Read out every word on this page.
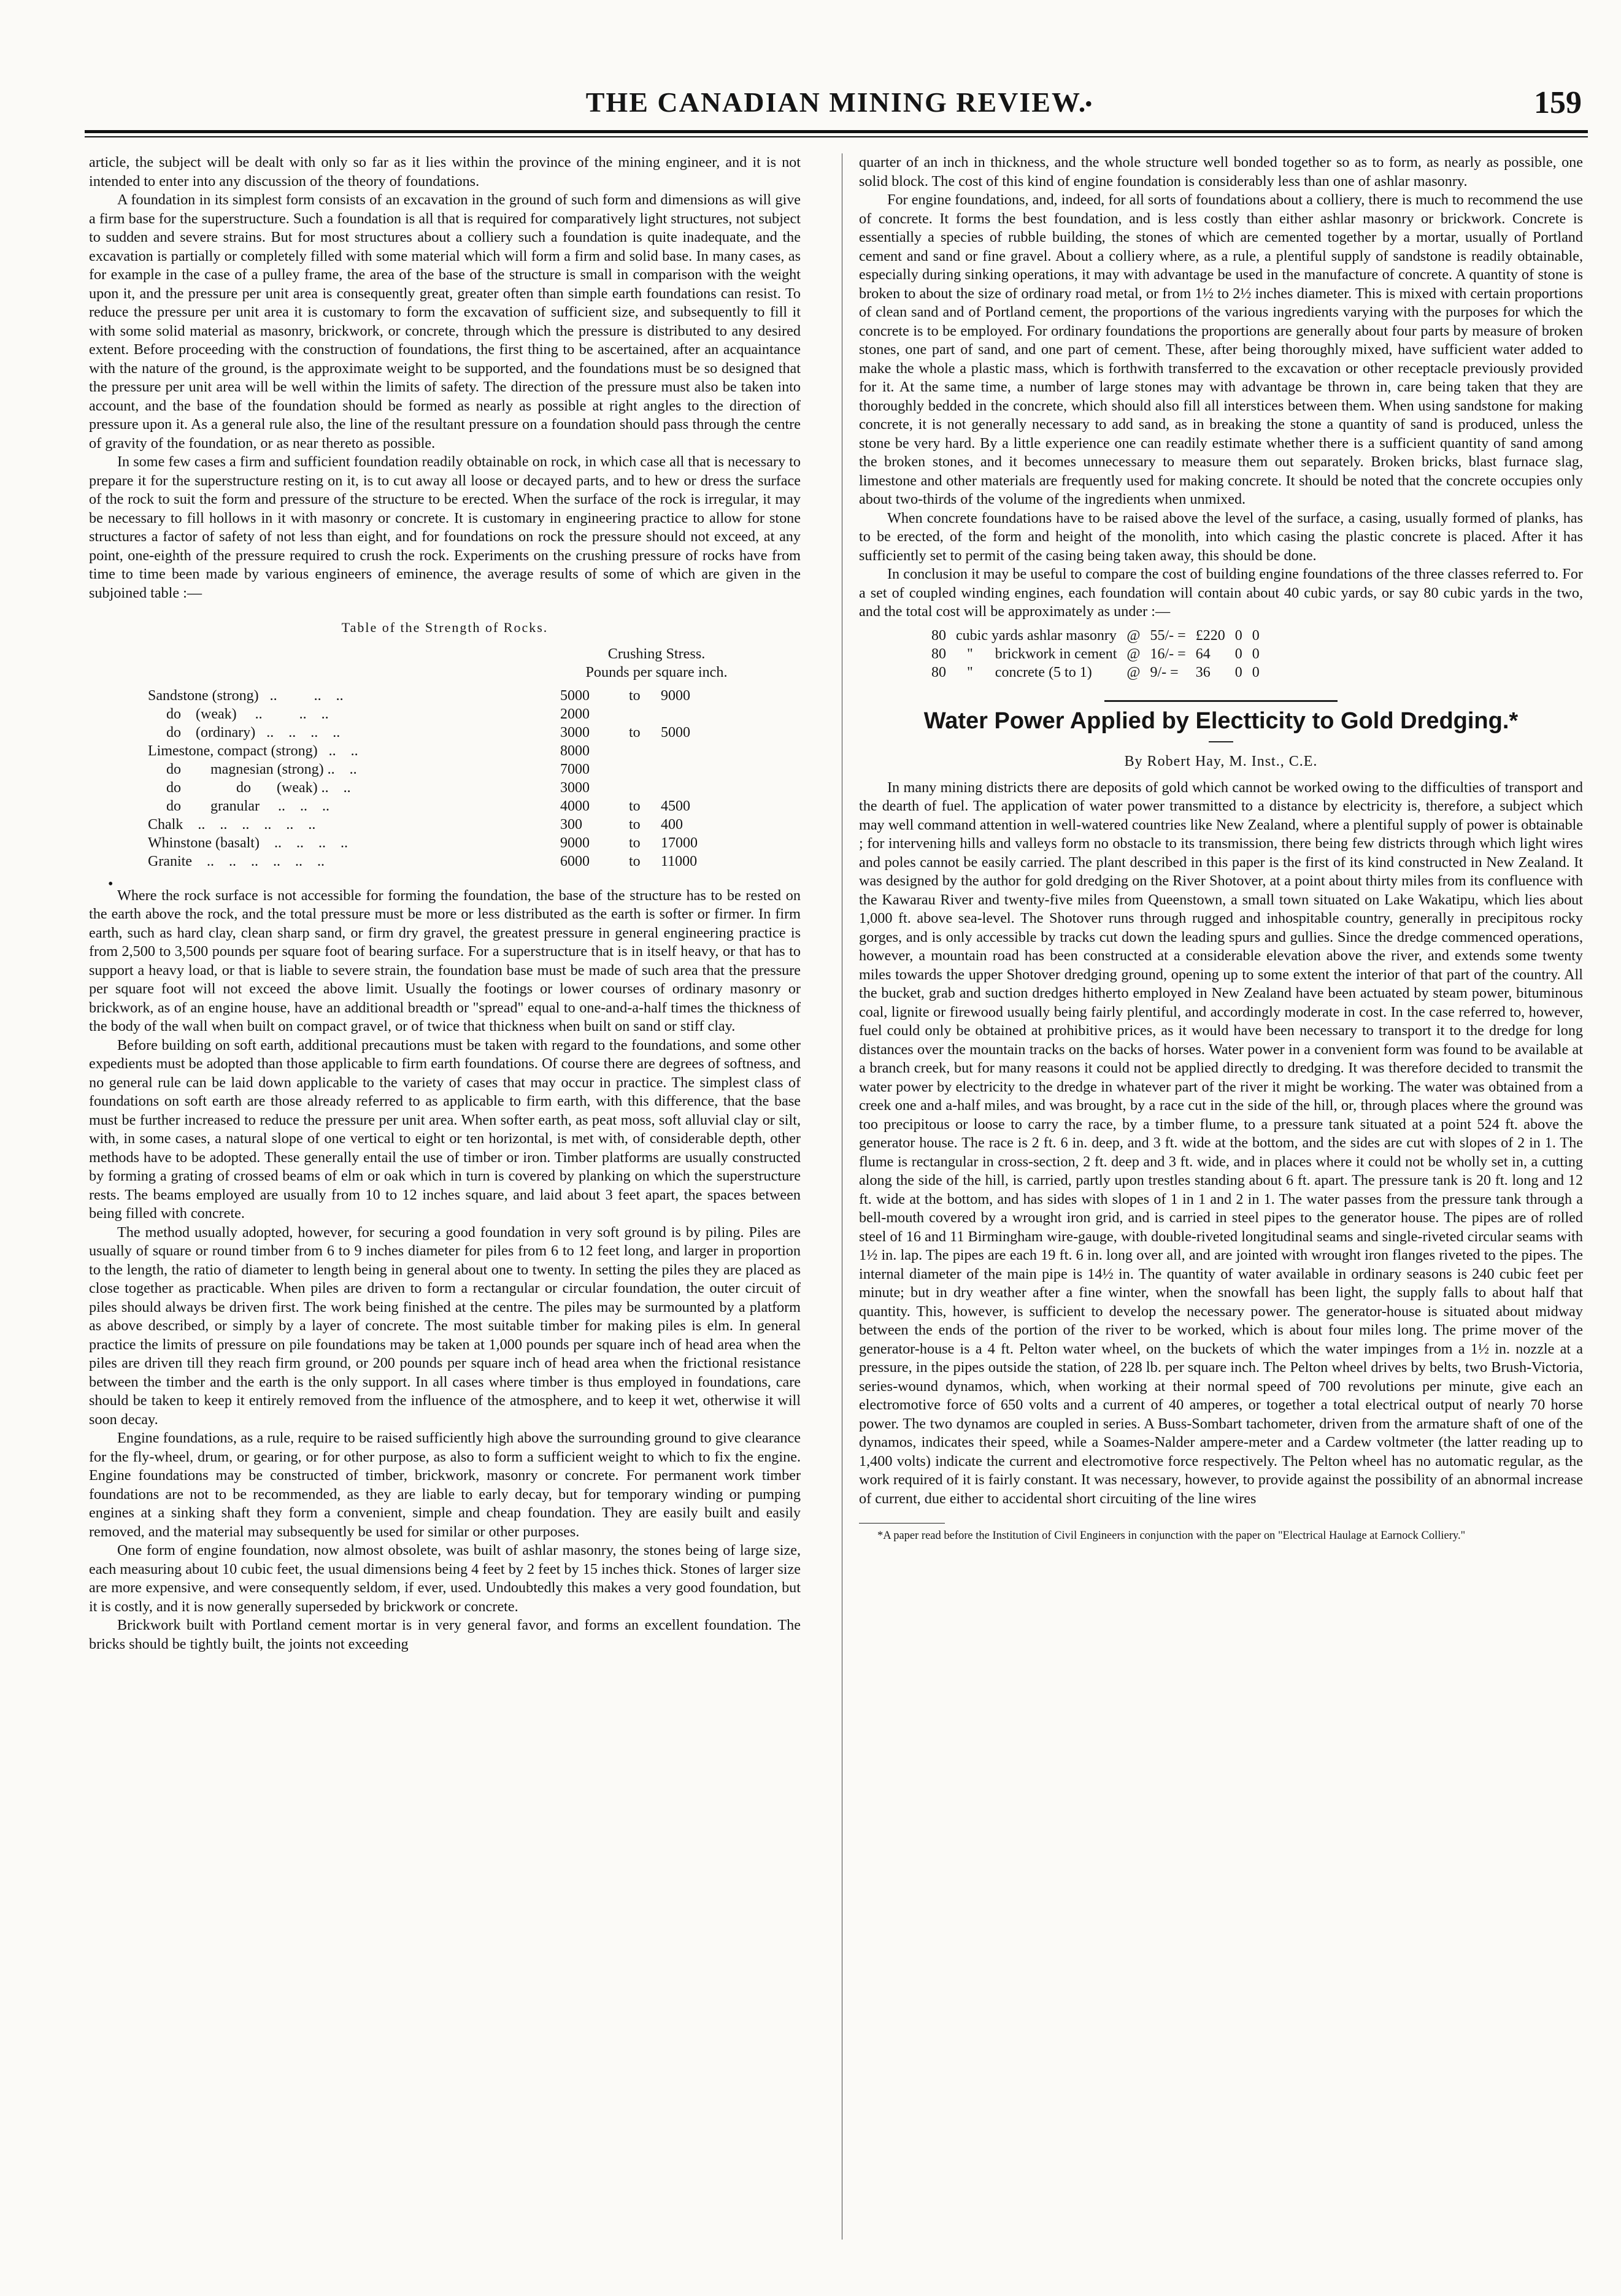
THE CANADIAN MINING REVIEW.
•	159

article, the subject will be dealt with only so far as it lies within the province of the mining engineer, and it is not intended to enter into any discussion of the theory of foundations.

A foundation in its simplest form consists of an excavation in the ground of such form and dimensions as will give a firm base for the superstructure. Such a foundation is all that is required for comparatively light structures, not subject to sudden and severe strains. But for most structures about a colliery such a foundation is quite inadequate, and the excavation is partially or completely filled with some material which will form a firm and solid base. In many cases, as for example in the case of a pulley frame, the area of the base of the structure is small in comparison with the weight upon it, and the pressure per unit area is consequently great, greater often than simple earth foundations can resist. To reduce the pressure per unit area it is customary to form the excavation of sufficient size, and subsequently to fill it with some solid material as masonry, brickwork, or concrete, through which the pressure is distributed to any desired extent. Before proceeding with the construction of foundations, the first thing to be ascertained, after an acquaintance with the nature of the ground, is the approximate weight to be supported, and the foundations must be so designed that the pressure per unit area will be well within the limits of safety. The direction of the pressure must also be taken into account, and the base of the foundation should be formed as nearly as possible at right angles to the direction of pressure upon it. As a general rule also, the line of the resultant pressure on a foundation should pass through the centre of gravity of the foundation, or as near thereto as possible.

In some few cases a firm and sufficient foundation readily obtainable on rock, in which case all that is necessary to prepare it for the superstructure resting on it, is to cut away all loose or decayed parts, and to hew or dress the surface of the rock to suit the form and pressure of the structure to be erected. When the surface of the rock is irregular, it may be necessary to fill hollows in it with masonry or concrete. It is customary in engineering practice to allow for stone structures a factor of safety of not less than eight, and for foundations on rock the pressure should not exceed, at any point, one-eighth of the pressure required to crush the rock. Experiments on the crushing pressure of rocks have from time to time been made by various engineers of eminence, the average results of some of which are given in the subjoined table :—

Table of the Strength of Rocks.
Crushing Stress.
Pounds per square inch.
Sandstone (strong)   ..          ..    ..	5000	to	9000
do    (weak)     ..          ..    ..	2000		
do    (ordinary)   ..    ..    ..    ..	3000	to	5000
Limestone, compact (strong)   ..    ..	8000		
do        magnesian (strong) ..    ..	7000		
do               do       (weak) ..    ..	3000		
do        granular     ..    ..    ..	4000	to	4500
Chalk    ..    ..    ..    ..    ..    ..	300	to	400
Whinstone (basalt)    ..    ..    ..    ..	9000	to	17000
Granite    ..    ..    ..    ..    ..    ..	6000	to	11000

Where the rock surface is not accessible for forming the foundation, the base of the structure has to be rested on the earth above the rock, and the total pressure must be more or less distributed as the earth is softer or firmer. In firm earth, such as hard clay, clean sharp sand, or firm dry gravel, the greatest pressure in general engineering practice is from 2,500 to 3,500 pounds per square foot of bearing surface. For a superstructure that is in itself heavy, or that has to support a heavy load, or that is liable to severe strain, the foundation base must be made of such area that the pressure per square foot will not exceed the above limit. Usually the footings or lower courses of ordinary masonry or brickwork, as of an engine house, have an additional breadth or "spread" equal to one-and-a-half times the thickness of the body of the wall when built on compact gravel, or of twice that thickness when built on sand or stiff clay.

Before building on soft earth, additional precautions must be taken with regard to the foundations, and some other expedients must be adopted than those applicable to firm earth foundations. Of course there are degrees of softness, and no general rule can be laid down applicable to the variety of cases that may occur in practice. The simplest class of foundations on soft earth are those already referred to as applicable to firm earth, with this difference, that the base must be further increased to reduce the pressure per unit area. When softer earth, as peat moss, soft alluvial clay or silt, with, in some cases, a natural slope of one vertical to eight or ten horizontal, is met with, of considerable depth, other methods have to be adopted. These generally entail the use of timber or iron. Timber platforms are usually constructed by forming a grating of crossed beams of elm or oak which in turn is covered by planking on which the superstructure rests. The beams employed are usually from 10 to 12 inches square, and laid about 3 feet apart, the spaces between being filled with concrete.

The method usually adopted, however, for securing a good foundation in very soft ground is by piling. Piles are usually of square or round timber from 6 to 9 inches diameter for piles from 6 to 12 feet long, and larger in proportion to the length, the ratio of diameter to length being in general about one to twenty. In setting the piles they are placed as close together as practicable. When piles are driven to form a rectangular or circular foundation, the outer circuit of piles should always be driven first. The work being finished at the centre. The piles may be surmounted by a platform as above described, or simply by a layer of concrete. The most suitable timber for making piles is elm. In general practice the limits of pressure on pile foundations may be taken at 1,000 pounds per square inch of head area when the piles are driven till they reach firm ground, or 200 pounds per square inch of head area when the frictional resistance between the timber and the earth is the only support. In all cases where timber is thus employed in foundations, care should be taken to keep it entirely removed from the influence of the atmosphere, and to keep it wet, otherwise it will soon decay.

Engine foundations, as a rule, require to be raised sufficiently high above the surrounding ground to give clearance for the fly-wheel, drum, or gearing, or for other purpose, as also to form a sufficient weight to which to fix the engine. Engine foundations may be constructed of timber, brickwork, masonry or concrete. For permanent work timber foundations are not to be recommended, as they are liable to early decay, but for temporary winding or pumping engines at a sinking shaft they form a convenient, simple and cheap foundation. They are easily built and easily removed, and the material may subsequently be used for similar or other purposes.

One form of engine foundation, now almost obsolete, was built of ashlar masonry, the stones being of large size, each measuring about 10 cubic feet, the usual dimensions being 4 feet by 2 feet by 15 inches thick. Stones of larger size are more expensive, and were consequently seldom, if ever, used. Undoubtedly this makes a very good foundation, but it is costly, and it is now generally superseded by brickwork or concrete.

Brickwork built with Portland cement mortar is in very general favor, and forms an excellent foundation. The bricks should be tightly built, the joints not exceeding

•

quarter of an inch in thickness, and the whole structure well bonded together so as to form, as nearly as possible, one solid block. The cost of this kind of engine foundation is considerably less than one of ashlar masonry.

For engine foundations, and, indeed, for all sorts of foundations about a colliery, there is much to recommend the use of concrete. It forms the best foundation, and is less costly than either ashlar masonry or brickwork. Concrete is essentially a species of rubble building, the stones of which are cemented together by a mortar, usually of Portland cement and sand or fine gravel. About a colliery where, as a rule, a plentiful supply of sandstone is readily obtainable, especially during sinking operations, it may with advantage be used in the manufacture of concrete. A quantity of stone is broken to about the size of ordinary road metal, or from 1½ to 2½ inches diameter. This is mixed with certain proportions of clean sand and of Portland cement, the proportions of the various ingredients varying with the purposes for which the concrete is to be employed. For ordinary foundations the proportions are generally about four parts by measure of broken stones, one part of sand, and one part of cement. These, after being thoroughly mixed, have sufficient water added to make the whole a plastic mass, which is forthwith transferred to the excavation or other receptacle previously provided for it. At the same time, a number of large stones may with advantage be thrown in, care being taken that they are thoroughly bedded in the concrete, which should also fill all interstices between them. When using sandstone for making concrete, it is not generally necessary to add sand, as in breaking the stone a quantity of sand is produced, unless the stone be very hard. By a little experience one can readily estimate whether there is a sufficient quantity of sand among the broken stones, and it becomes unnecessary to measure them out separately. Broken bricks, blast furnace slag, limestone and other materials are frequently used for making concrete. It should be noted that the concrete occupies only about two-thirds of the volume of the ingredients when unmixed.

When concrete foundations have to be raised above the level of the surface, a casing, usually formed of planks, has to be erected, of the form and height of the monolith, into which casing the plastic concrete is placed. After it has sufficiently set to permit of the casing being taken away, this should be done.

In conclusion it may be useful to compare the cost of building engine foundations of the three classes referred to. For a set of coupled winding engines, each foundation will contain about 40 cubic yards, or say 80 cubic yards in the two, and the total cost will be approximately as under :—

80	cubic yards ashlar masonry	@	55/- =	£220	0	0
80	"      brickwork in cement	@	16/- =	64	0	0
80	"      concrete (5 to 1)	@	9/- =	36	0	0
Water Power Applied by Electticity to Gold Dredging.*
By Robert Hay, M. Inst., C.E.

In many mining districts there are deposits of gold which cannot be worked owing to the difficulties of transport and the dearth of fuel. The application of water power transmitted to a distance by electricity is, therefore, a subject which may well command attention in well-watered countries like New Zealand, where a plentiful supply of power is obtainable ; for intervening hills and valleys form no obstacle to its transmission, there being few districts through which light wires and poles cannot be easily carried. The plant described in this paper is the first of its kind constructed in New Zealand. It was designed by the author for gold dredging on the River Shotover, at a point about thirty miles from its confluence with the Kawarau River and twenty-five miles from Queenstown, a small town situated on Lake Wakatipu, which lies about 1,000 ft. above sea-level. The Shotover runs through rugged and inhospitable country, generally in precipitous rocky gorges, and is only accessible by tracks cut down the leading spurs and gullies. Since the dredge commenced operations, however, a mountain road has been constructed at a considerable elevation above the river, and extends some twenty miles towards the upper Shotover dredging ground, opening up to some extent the interior of that part of the country. All the bucket, grab and suction dredges hitherto employed in New Zealand have been actuated by steam power, bituminous coal, lignite or firewood usually being fairly plentiful, and accordingly moderate in cost. In the case referred to, however, fuel could only be obtained at prohibitive prices, as it would have been necessary to transport it to the dredge for long distances over the mountain tracks on the backs of horses. Water power in a convenient form was found to be available at a branch creek, but for many reasons it could not be applied directly to dredging. It was therefore decided to transmit the water power by electricity to the dredge in whatever part of the river it might be working. The water was obtained from a creek one and a-half miles, and was brought, by a race cut in the side of the hill, or, through places where the ground was too precipitous or loose to carry the race, by a timber flume, to a pressure tank situated at a point 524 ft. above the generator house. The race is 2 ft. 6 in. deep, and 3 ft. wide at the bottom, and the sides are cut with slopes of 2 in 1. The flume is rectangular in cross-section, 2 ft. deep and 3 ft. wide, and in places where it could not be wholly set in, a cutting along the side of the hill, is carried, partly upon trestles standing about 6 ft. apart. The pressure tank is 20 ft. long and 12 ft. wide at the bottom, and has sides with slopes of 1 in 1 and 2 in 1. The water passes from the pressure tank through a bell-mouth covered by a wrought iron grid, and is carried in steel pipes to the generator house. The pipes are of rolled steel of 16 and 11 Birmingham wire-gauge, with double-riveted longitudinal seams and single-riveted circular seams with 1½ in. lap. The pipes are each 19 ft. 6 in. long over all, and are jointed with wrought iron flanges riveted to the pipes. The internal diameter of the main pipe is 14½ in. The quantity of water available in ordinary seasons is 240 cubic feet per minute; but in dry weather after a fine winter, when the snowfall has been light, the supply falls to about half that quantity. This, however, is sufficient to develop the necessary power. The generator-house is situated about midway between the ends of the portion of the river to be worked, which is about four miles long. The prime mover of the generator-house is a 4 ft. Pelton water wheel, on the buckets of which the water impinges from a 1½ in. nozzle at a pressure, in the pipes outside the station, of 228 lb. per square inch. The Pelton wheel drives by belts, two Brush-Victoria, series-wound dynamos, which, when working at their normal speed of 700 revolutions per minute, give each an electromotive force of 650 volts and a current of 40 amperes, or together a total electrical output of nearly 70 horse power. The two dynamos are coupled in series. A Buss-Sombart tachometer, driven from the armature shaft of one of the dynamos, indicates their speed, while a Soames-Nalder ampere-meter and a Cardew voltmeter (the latter reading up to 1,400 volts) indicate the current and electromotive force respectively. The Pelton wheel has no automatic regular, as the work required of it is fairly constant. It was necessary, however, to provide against the possibility of an abnormal increase of current, due either to accidental short circuiting of the line wires

*A paper read before the Institution of Civil Engineers in conjunction with the paper on "Electrical Haulage at Earnock Colliery."
